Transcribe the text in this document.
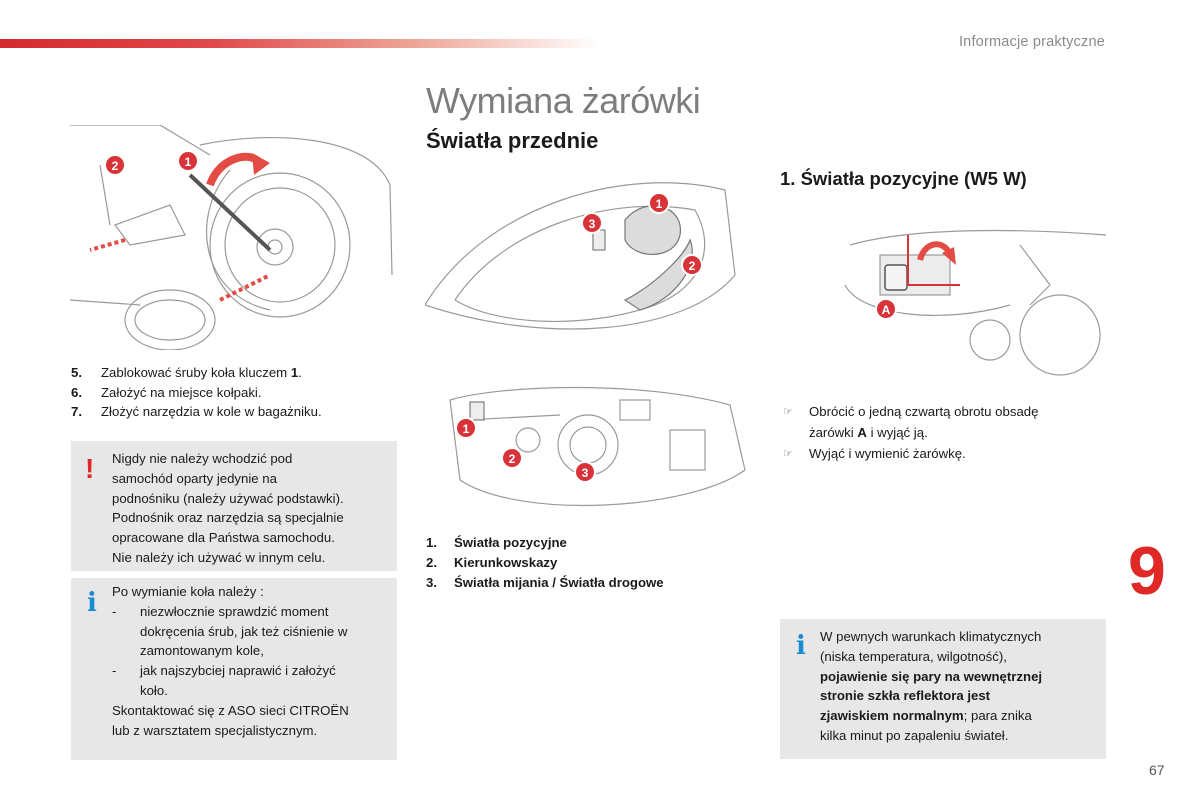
Informacje praktyczne
Wymiana żarówki
Światła przednie
1
2
1
2
3
1
2
3
1. Światła pozycyjne (W5 W)
A
5.	Zablokować śruby koła kluczem 1.
6.	Założyć na miejsce kołpaki.
7.	Złożyć narzędzia w kole w bagażniku.
! Nigdy nie należy wchodzić pod
samochód oparty jedynie na
podnośniku (należy używać podstawki).
Podnośnik oraz narzędzia są specjalnie
opracowane dla Państwa samochodu.
Nie należy ich używać w innym celu.
i Po wymianie koła należy :
-	niezwłocznie sprawdzić moment
dokręcenia śrub, jak też ciśnienie w
zamontowanym kole,
-	jak najszybciej naprawić i założyć
koło.
Skontaktować się z ASO sieci CITROËN
lub z warsztatem specjalistycznym.
1.	Światła pozycyjne
2.	Kierunkowskazy
3.	Światła mijania / Światła drogowe
☞	Obrócić o jedną czwartą obrotu obsadę
żarówki A i wyjąć ją.
☞	Wyjąć i wymienić żarówkę.
i W pewnych warunkach klimatycznych
(niska temperatura, wilgotność),
pojawienie się pary na wewnętrznej
stronie szkła reflektora jest
zjawiskiem normalnym; para znika
kilka minut po zapaleniu świateł.
9
67
